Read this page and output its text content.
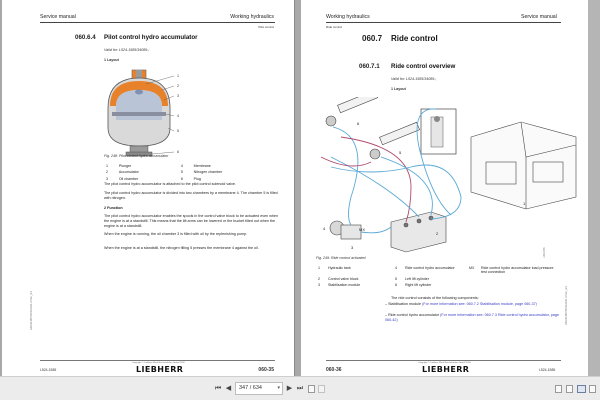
Service manual	Working hydraulics
Pilot control
060.6.4 Pilot control hydro accumulator
Valid for: L524-1585/34089-;
1 Layout
1
2
3
4
5
6
Fig. 248: Pilot control hydro accumulator
1	Plunger	4	Membrane
2	Accumulator	5	Nitrogen chamber
3	Oil chamber	6	Plug
The pilot control hydro accumulator is attached to the pilot control solenoid valve.
The pilot control hydro accumulator is divided into two chambers by a membrane 4. The chamber 5 is filled with nitrogen.
2 Function
The pilot control hydro accumulator enables the spools in the control valve block to be actuated even when the engine is at a standstill. This means that the lift arms can be lowered or the bucket tilted out when the engine is at a standstill.
When the engine is running, the oil chamber 3 is filled with oil by the replenishing pump.
When the engine is at a standstill, the nitrogen filling 5 presses the membrane 4 against the oil.
LBH/11465760/01/A/11-07/en_US
L524-1585
Copyright © Liebherr-Werk Bischofshofen GmbH 2010
LIEBHERR	060-35
Working hydraulics	Service manual
Ride control
060.7 Ride control
060.7.1 Ride control overview
Valid for: L524-1585/34089-;
1 Layout
1
2
3
4
5
6
MX
L0011978
Fig. 249: Ride control activated
1	Hydraulic tank	4	Ride control hydro accumulator	MX	Ride control hydro accumulator load pressure test connection
2	Control valve block	5	Left lift cylinder		
3	Stabilisation module	6	Right lift cylinder		
The ride control consists of the following components:
– Stabilisation module (For more information see: 060.7.2 Stabilisation module, page 060-37)
– Ride control hydro accumulator (For more information see: 060.7.3 Ride control hydro accumulator, page 060-42)	LBH/11465760/01/A/11-07/en_US
060-36
Copyright © Liebherr-Werk Bischofshofen GmbH 2010
LIEBHERR	L524-1585
⏮ ◀	347 / 634	▾ ▶ ⏭
